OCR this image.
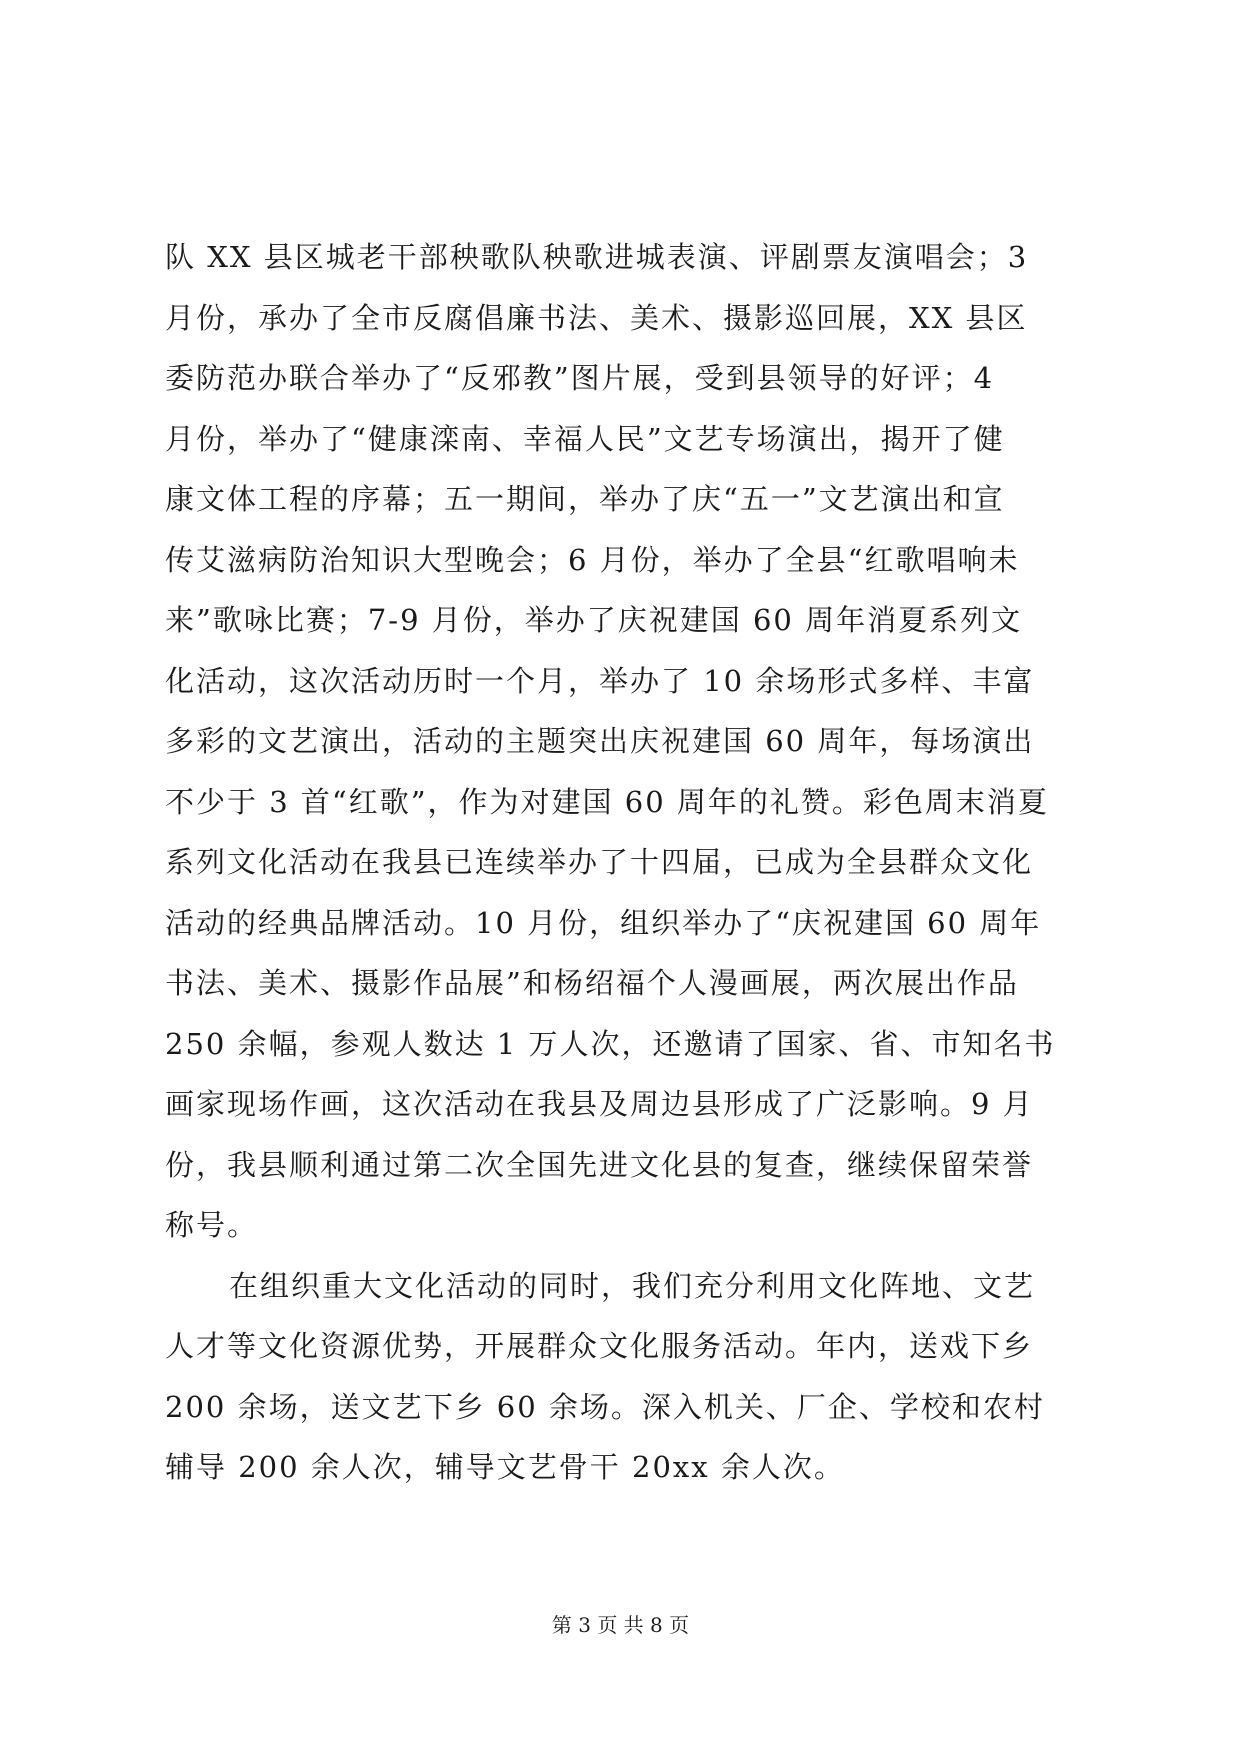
队 XX 县区城老干部秧歌队秧歌进城表演、评剧票友演唱会；3
月份，承办了全市反腐倡廉书法、美术、摄影巡回展，XX 县区
委防范办联合举办了“反邪教”图片展，受到县领导的好评；4
月份，举办了“健康滦南、幸福人民”文艺专场演出，揭开了健
康文体工程的序幕；五一期间，举办了庆“五一”文艺演出和宣
传艾滋病防治知识大型晚会；6 月份，举办了全县“红歌唱响未
来”歌咏比赛；7-9 月份，举办了庆祝建国 60 周年消夏系列文
化活动，这次活动历时一个月，举办了 10 余场形式多样、丰富
多彩的文艺演出，活动的主题突出庆祝建国 60 周年，每场演出
不少于 3 首“红歌”，作为对建国 60 周年的礼赞。彩色周末消夏
系列文化活动在我县已连续举办了十四届，已成为全县群众文化
活动的经典品牌活动。10 月份，组织举办了“庆祝建国 60 周年
书法、美术、摄影作品展”和杨绍福个人漫画展，两次展出作品
250 余幅，参观人数达 1 万人次，还邀请了国家、省、市知名书
画家现场作画，这次活动在我县及周边县形成了广泛影响。9 月
份，我县顺利通过第二次全国先进文化县的复查，继续保留荣誉
称号。
在组织重大文化活动的同时，我们充分利用文化阵地、文艺
人才等文化资源优势，开展群众文化服务活动。年内，送戏下乡
200 余场，送文艺下乡 60 余场。深入机关、厂企、学校和农村
辅导 200 余人次，辅导文艺骨干 20xx 余人次。
第 3 页 共 8 页
